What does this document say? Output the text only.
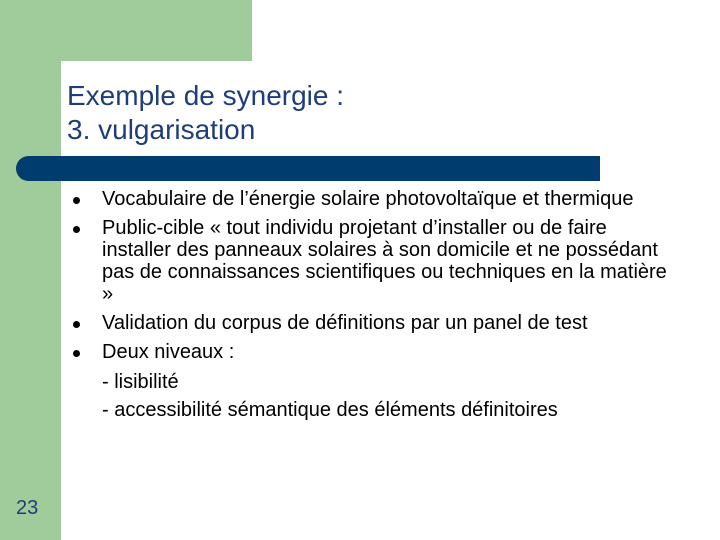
Exemple de synergie :
3. vulgarisation
Vocabulaire de l’énergie solaire photovoltaïque et thermique
Public-cible « tout individu projetant d’installer ou de faire installer des panneaux solaires à son domicile et ne possédant pas de connaissances scientifiques ou techniques en la matière »
Validation du corpus de définitions par un panel de test
Deux niveaux :
- lisibilité
- accessibilité sémantique des éléments définitoires
23
